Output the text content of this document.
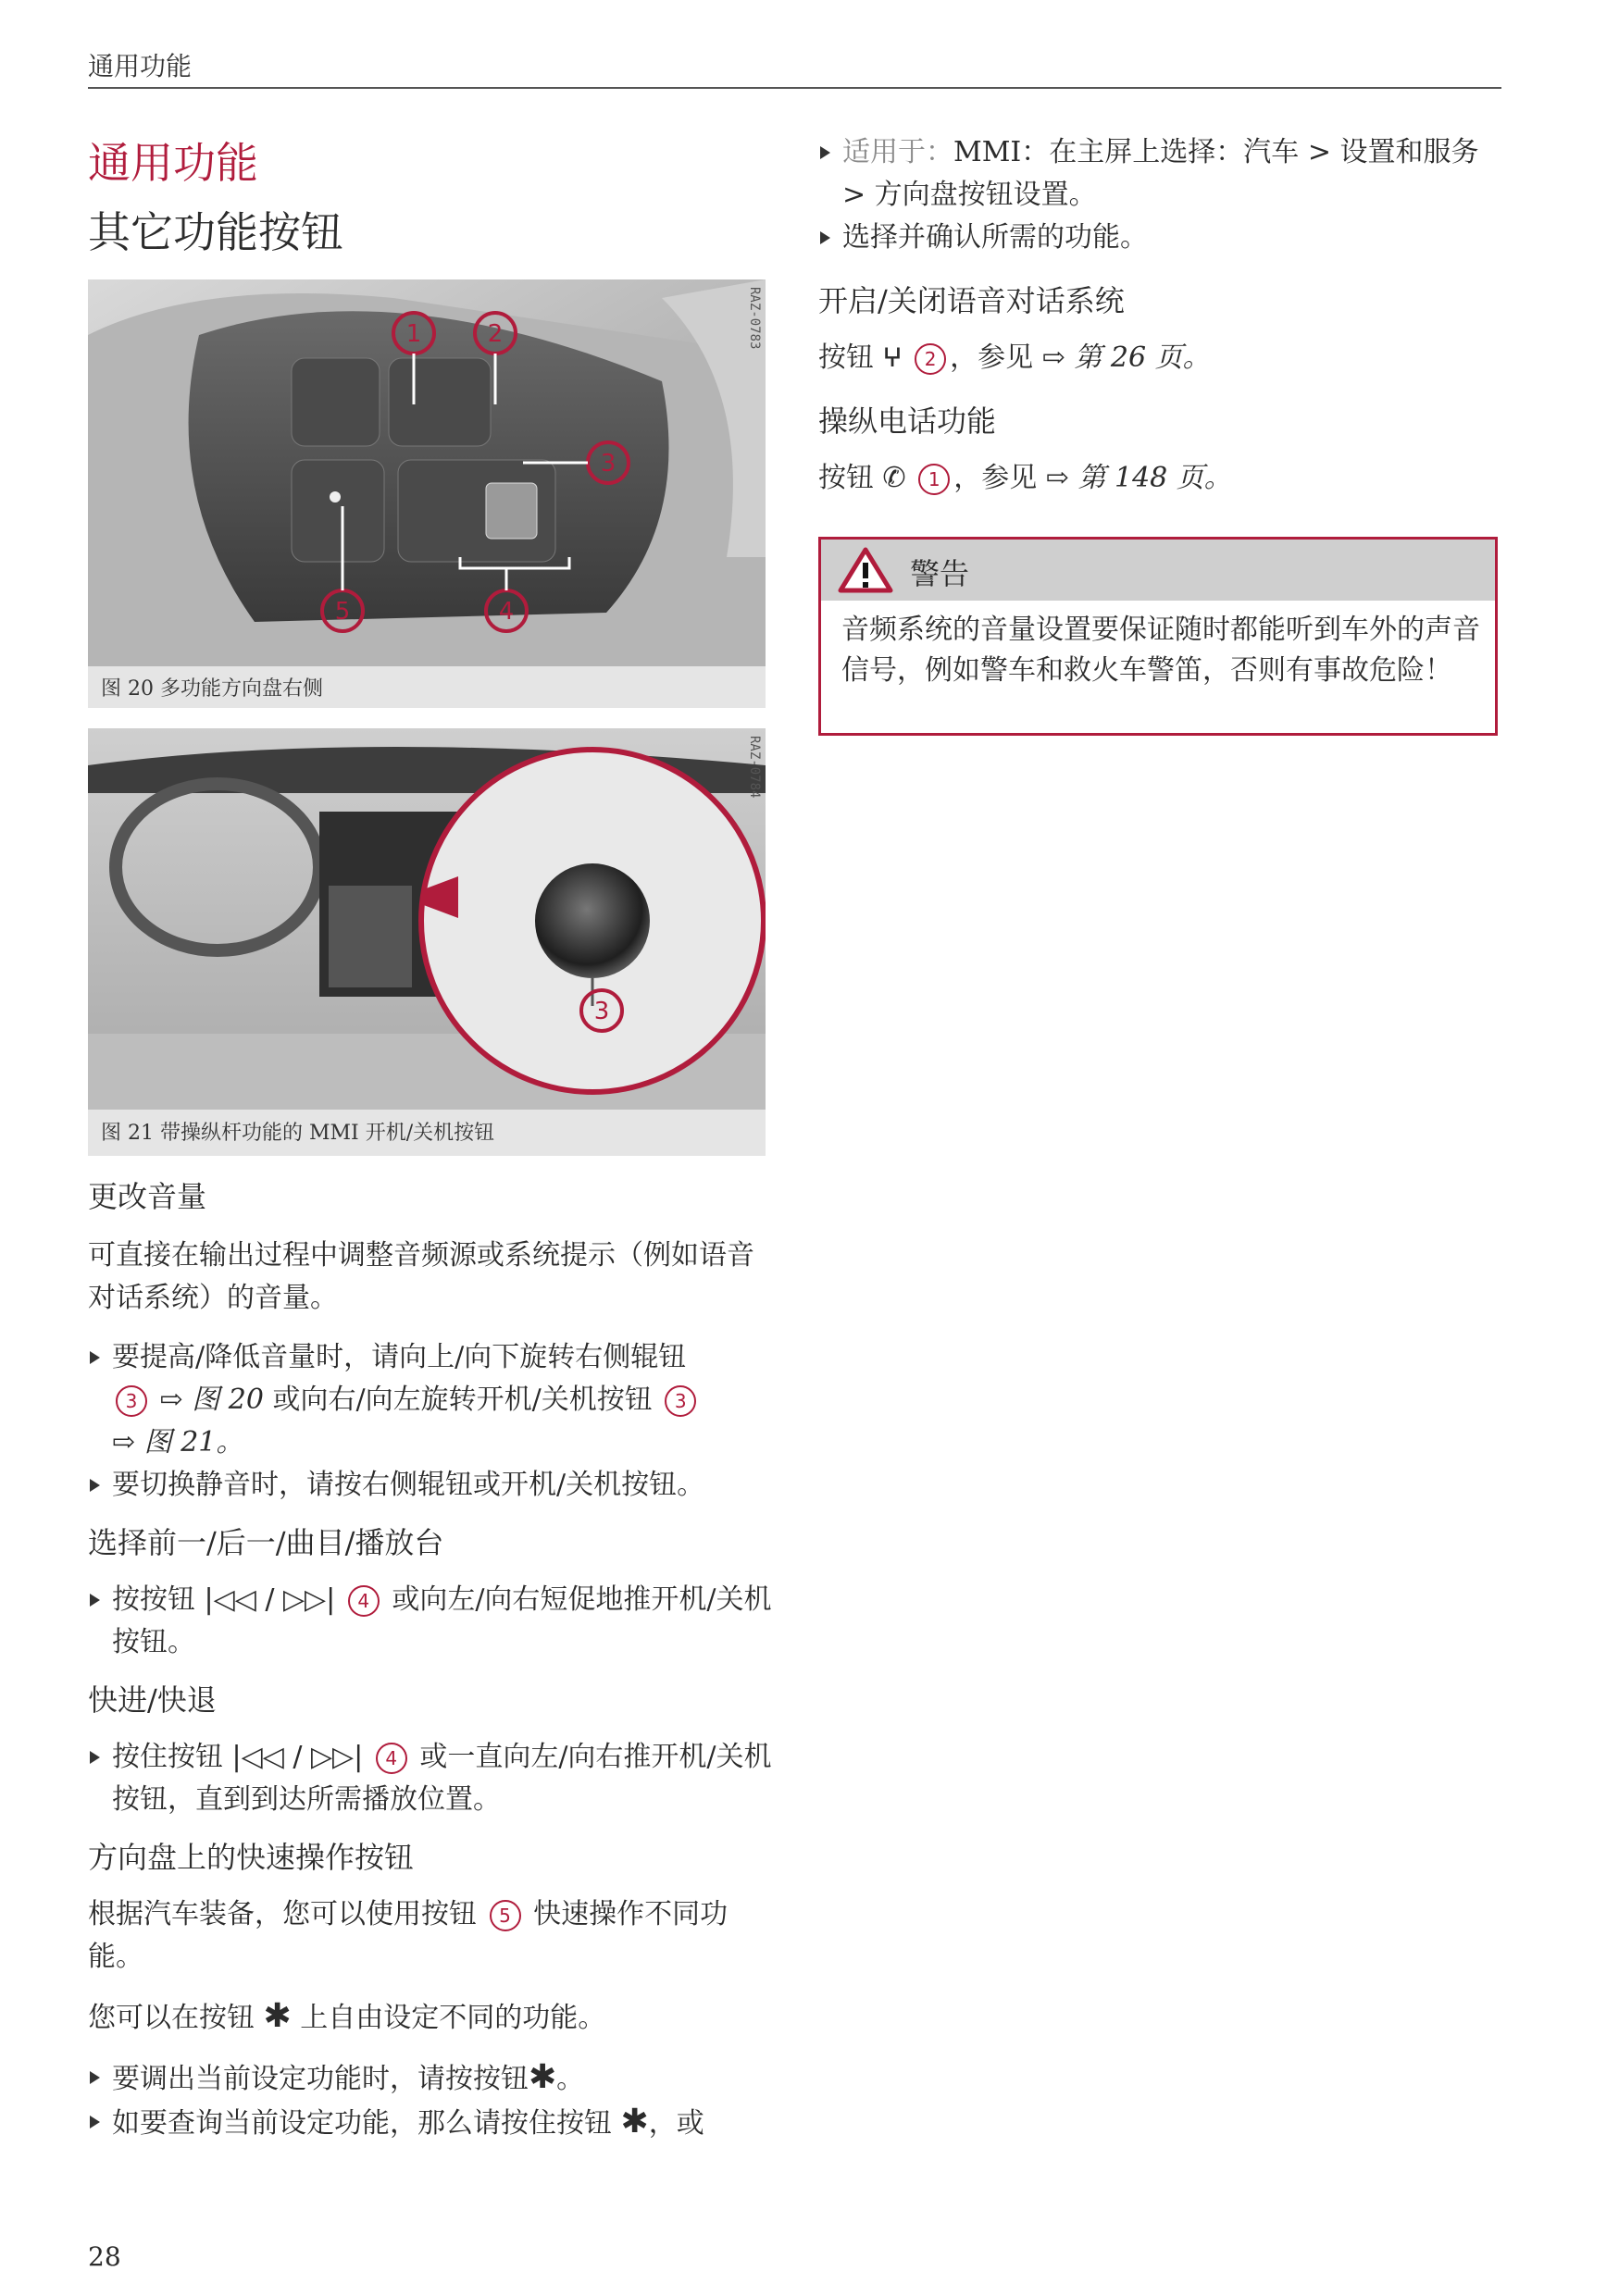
通用功能
通用功能
其它功能按钮
1	2
3
5	4
RAZ-0783
图 20 多功能方向盘右侧
3
RAZ-0784
图 21 带操纵杆功能的 MMI 开机/关机按钮

更改音量

可直接在输出过程中调整音频源或系统提示（例如语音对话系统）的音量。

要提高/降低音量时，请向上/向下旋转右侧辊钮
3 ⇨ 图 20 或向右/向左旋转开机/关机按钮 3
⇨ 图 21。

要切换静音时，请按右侧辊钮或开机/关机按钮。

选择前一/后一/曲目/播放台

按按钮 |◁◁ / ▷▷| 4 或向左/向右短促地推开机/关机按钮。

快进/快退

按住按钮 |◁◁ / ▷▷| 4 或一直向左/向右推开机/关机按钮，直到到达所需播放位置。

方向盘上的快速操作按钮

根据汽车装备，您可以使用按钮 5 快速操作不同功能。

您可以在按钮 ✱ 上自由设定不同的功能。

要调出当前设定功能时，请按按钮✱。

如要查询当前设定功能，那么请按住按钮 ✱，或

适用于：MMI：在主屏上选择：汽车 > 设置和服务 > 方向盘按钮设置。

选择并确认所需的功能。

开启/关闭语音对话系统

按钮 ⵖ 2 ，参见 ⇨ 第 26 页。

操纵电话功能

按钮 ✆ 1 ，参见 ⇨ 第 148 页。

警告
音频系统的音量设置要保证随时都能听到车外的声音信号，例如警车和救火车警笛，否则有事故危险！
28
